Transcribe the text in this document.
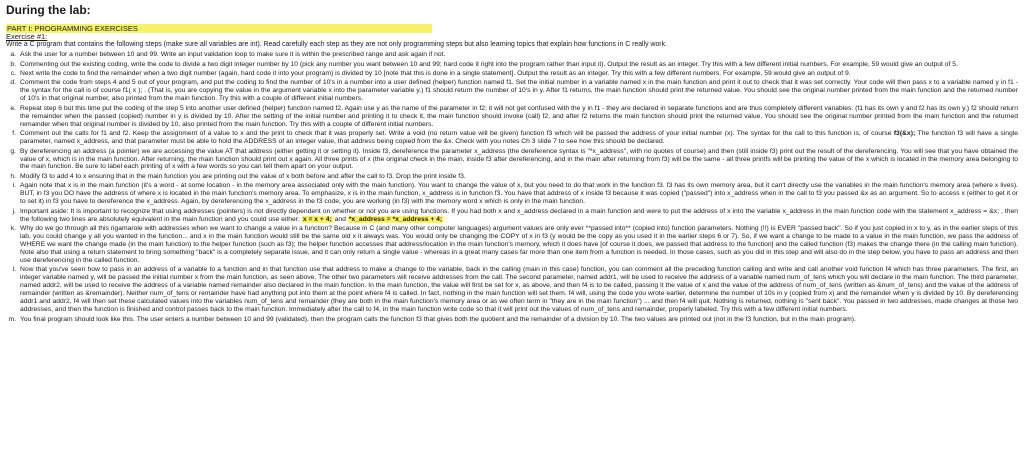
During the lab:
PART I: PROGRAMMING EXERCISES
Exercise #1:
Write a C program that contains the following steps (make sure all variables are int). Read carefully each step as they are not only programming steps but also learning topics that explain how functions in C really work.
a. Ask the user for a number between 10 and 99. Write an input validation loop to make sure it is within the prescribed range and ask again if not.
b. Commenting out the existing coding, write the code to divide a two digit integer number by 10 (pick any number you want between 10 and 99; hard code it right into the program rather than input it). Output the result as an integer. Try this with a few different initial numbers. For example, 59 would give an output of 5.
c. Next write the code to find the remainder when a two digit number (again, hard code it into your program) is divided by 10 [note that this is done in a single statement]. Output the result as an integer. Try this with a few different numbers. For example, 59 would give an output of 9.
d. Comment the code from steps 4 and 5 out of your program, and put the coding to find the number of 10's in a number into a user defined (helper) function named f1. Set the initial number in a variable named x in the main function and print it out to check that it was set correctly. Your code will then pass x to a variable named y in f1 - the syntax for the call is of course f1( x ); . (That is, you are copying the value in the argument variable x into the parameter variable y.) f1 should return the number of 10's in y. After f1 returns, the main function should print the returned value. You should see the original number printed from the main function and the returned number of 10's in that original number, also printed from the main function. Try this with a couple of different initial numbers.
e. Repeat step 6 but this time put the coding of the step 5 into another user defined (helper) function named f2. Again use y as the name of the parameter in f2; it will not get confused with the y in f1 - they are declared in separate functions and are thus completely different variables. (f1 has its own y and f2 has its own y.) f2 should return the remainder when the passed (copied) number in y is divided by 10. After the setting of the initial number and printing it to check it, the main function should invoke (call) f2, and after f2 returns the main function should print the returned value. You should see the original number printed from the main function and the returned remainder when that original number is divided by 10, also printed from the main function. Try this with a couple of different initial numbers.
f. Comment out the calls for f1 and f2. Keep the assignment of a value to x and the print to check that it was properly set. Write a void (no return value will be given) function f3 which will be passed the address of your initial number (x). The syntax for the call to this function is, of course f3(&x); The function f3 will have a single parameter, named x_address, and that parameter must be able to hold the ADDRESS of an integer value, that address being copied from the &x. Check with you notes Ch 3 slide 7 to see how this should be declared.
g. By dereferencing an address (a pointer) we are accessing the value AT that address (either getting it or setting it). Inside f3, dereference the parameter x_address (the dereference syntax is "*x_address", with no quotes of course) and then (still inside f3) print out the result of the dereferencing. You will see that you have obtained the value of x, which is in the main function. After returning, the main function should print out x again. All three prints of x (the original check in the main, inside f3 after dereferencing, and in the main after returning from f3) will be the same - all three printfs will be printing the value of the x which is located in the memory area belonging to the main function. Be sure to label each printing of x with a few words so you can tell them apart on your output.
h. Modify f3 to add 4 to x ensuring that in the main function you are printing out the value of x both before and after the call to f3. Drop the print inside f3.
i. Again note that x is in the main function (it's a word - at some location - in the memory area associated only with the main function). You want to change the value of x, but you need to do that work in the function f3. f3 has its own memory area, but it can't directly use the variables in the main function's memory area (where x lives). BUT, in f3 you DO have the address of where x is located in the main function's memory area. To emphasize, x is in the main function, x_address is in function f3. You have that address of x inside f3 because it was copied ("passed") into x_address when in the call to f3 you passed &x as an argument. So to access x (either to get it or to set it) in f3 you have to dereference the x_address. Again, by dereferencing the x_address in the f3 code, you are working (in f3) with the memory word x which is only in the main function.
j. Important aside: It is important to recognize that using addresses (pointers) is not directly dependent on whether or not you are using functions. If you had both x and x_address declared in a main function and were to put the address of x into the variable x_address in the main function code with the statement x_address = &x; , then the following two lines are absolutely equivalent in the main function and you could use either: x = x + 4; and *x_address = *x_address + 4;
k. Why do we go through all this rigamarole with addresses when we want to change a value in a function? Because in C (and many other computer languages) argument values are only ever **passed into** (copied into) function parameters. Nothing (!!) is EVER "passed back". So if you just copied in x to y, as in the earlier steps of this lab, you could change y all you wanted in the function... and x in the main function would still be the same old x it always was. You would only be changing the COPY of x in f3 (y would be the copy as you used it in the earlier steps 6 or 7). So, if we want a change to be made to a value in the main function, we pass the address of WHERE we want the change made (in the main function) to the helper function (such as f3); the helper function accesses that address/location in the main function's memory, which it does have [of course it does, we passed that address to the function] and the called function (f3) makes the change there (in the calling main function). Note also that using a return statement to bring something "back" is a completely separate issue, and it can only return a single value - whereas in a great many cases far more than one item from a function is needed. In those cases, such as you did in this step and will also do in the step below, you have to pass an address and then use dereferencing in the called function.
l. Now that you've seen how to pass in an address of a variable to a function and in that function use that address to make a change to the variable, back in the calling (main in this case) function, you can comment all the preceding function calling and write and call another void function f4 which has three parameters. The first, an integer variable named y, will be passed the initial number x from the main function, as seen above. The other two parameters will receive addresses from the call. The second parameter, named addr1, will be used to receive the address of a variable named num_of_tens which you will declare in the main function. The third parameter, named addr2, will be used to receive the address of a variable named remainder also declared in the main function. In the main function, the value will first be set for x, as above, and then f4 is to be called, passing it the value of x and the value of the address of num_of_tens (written as &num_of_tens) and the value of the address of remainder (written as &remainder). Neither num_of_tens or remainder have had anything put into them at the point where f4 is called. In fact, nothing in the main function will set them. f4 will, using the code you wrote earlier, determine the number of 10s in y (copied from x) and the remainder when y is divided by 10. By dereferencing addr1 and addr2, f4 will then set these calculated values into the variables num_of_tens and remainder (they are both in the main function's memory area or as we often term in "they are in the main function") ... and then f4 will quit. Nothing is returned, nothing is "sent back". You passed in two addresses, made changes at those two addresses, and then the function is finished and control passes back to the main function. Immediately after the call to f4, in the main function write code so that it will print out the values of num_of_tens and remainder, properly labeled. Try this with a few different initial numbers.
m. You final program should look like this. The user enters a number between 10 and 99 (validated), then the program calls the function f3 that gives both the quotient and the remainder of a division by 10. The two values are printed out (not in the f3 function, but in the main program).
